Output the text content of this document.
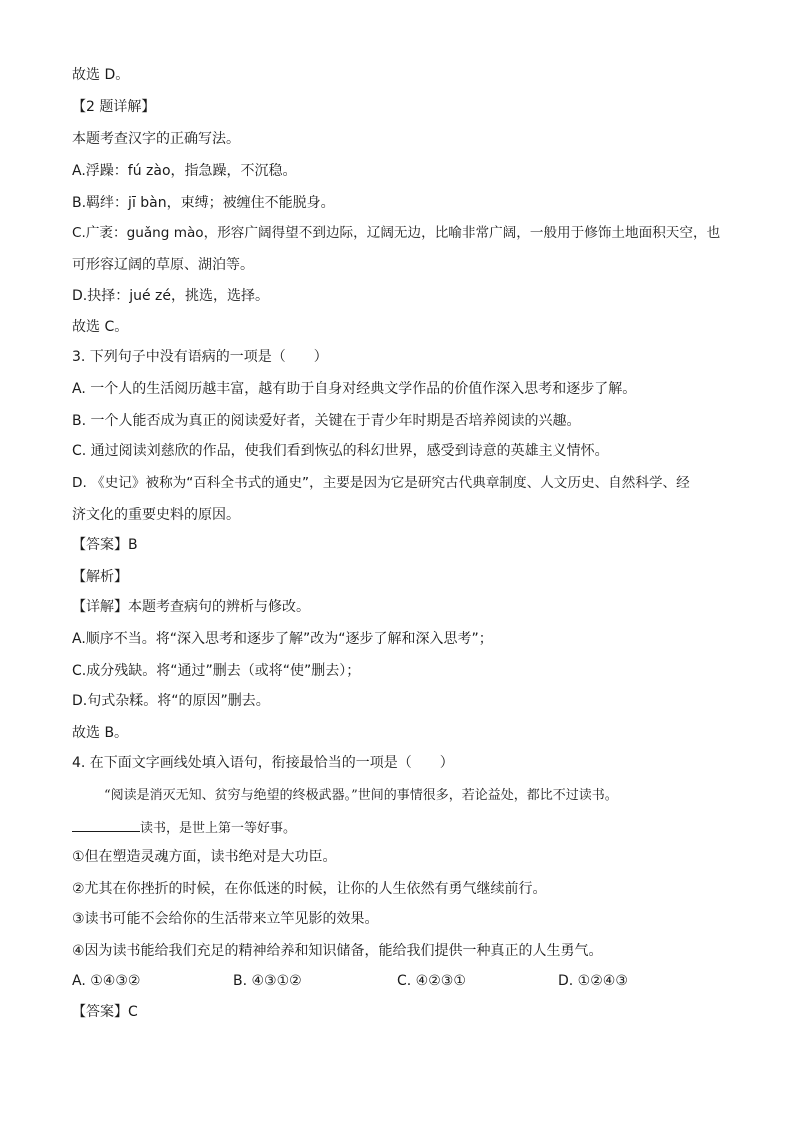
故选 D。
【2 题详解】
本题考查汉字的正确写法。
A.浮躁：fú zào，指急躁，不沉稳。
B.羁绊：jī bàn，束缚；被缠住不能脱身。
C.广袤：guǎng mào，形容广阔得望不到边际，辽阔无边，比喻非常广阔，一般用于修饰土地面积天空，也
可形容辽阔的草原、湖泊等。
D.抉择：jué zé，挑选，选择。
故选 C。
3. 下列句子中没有语病的一项是（　　）
A. 一个人的生活阅历越丰富，越有助于自身对经典文学作品的价值作深入思考和逐步了解。
B. 一个人能否成为真正的阅读爱好者，关键在于青少年时期是否培养阅读的兴趣。
C. 通过阅读刘慈欣的作品，使我们看到恢弘的科幻世界，感受到诗意的英雄主义情怀。
D. 《史记》被称为“百科全书式的通史”，主要是因为它是研究古代典章制度、人文历史、自然科学、经
济文化的重要史料的原因。
【答案】B
【解析】
【详解】本题考查病句的辨析与修改。
A.顺序不当。将“深入思考和逐步了解”改为“逐步了解和深入思考”；
C.成分残缺。将“通过”删去（或将“使”删去）；
D.句式杂糅。将“的原因”删去。
故选 B。
4. 在下面文字画线处填入语句，衔接最恰当的一项是（　　）
“阅读是消灭无知、贫穷与绝望的终极武器。”世间的事情很多，若论益处，都比不过读书。
读书，是世上第一等好事。
①但在塑造灵魂方面，读书绝对是大功臣。
②尤其在你挫折的时候，在你低迷的时候，让你的人生依然有勇气继续前行。
③读书可能不会给你的生活带来立竿见影的效果。
④因为读书能给我们充足的精神给养和知识储备，能给我们提供一种真正的人生勇气。
A. ①④③②	B. ④③①②	C. ④②③①	D. ①②④③
【答案】C
